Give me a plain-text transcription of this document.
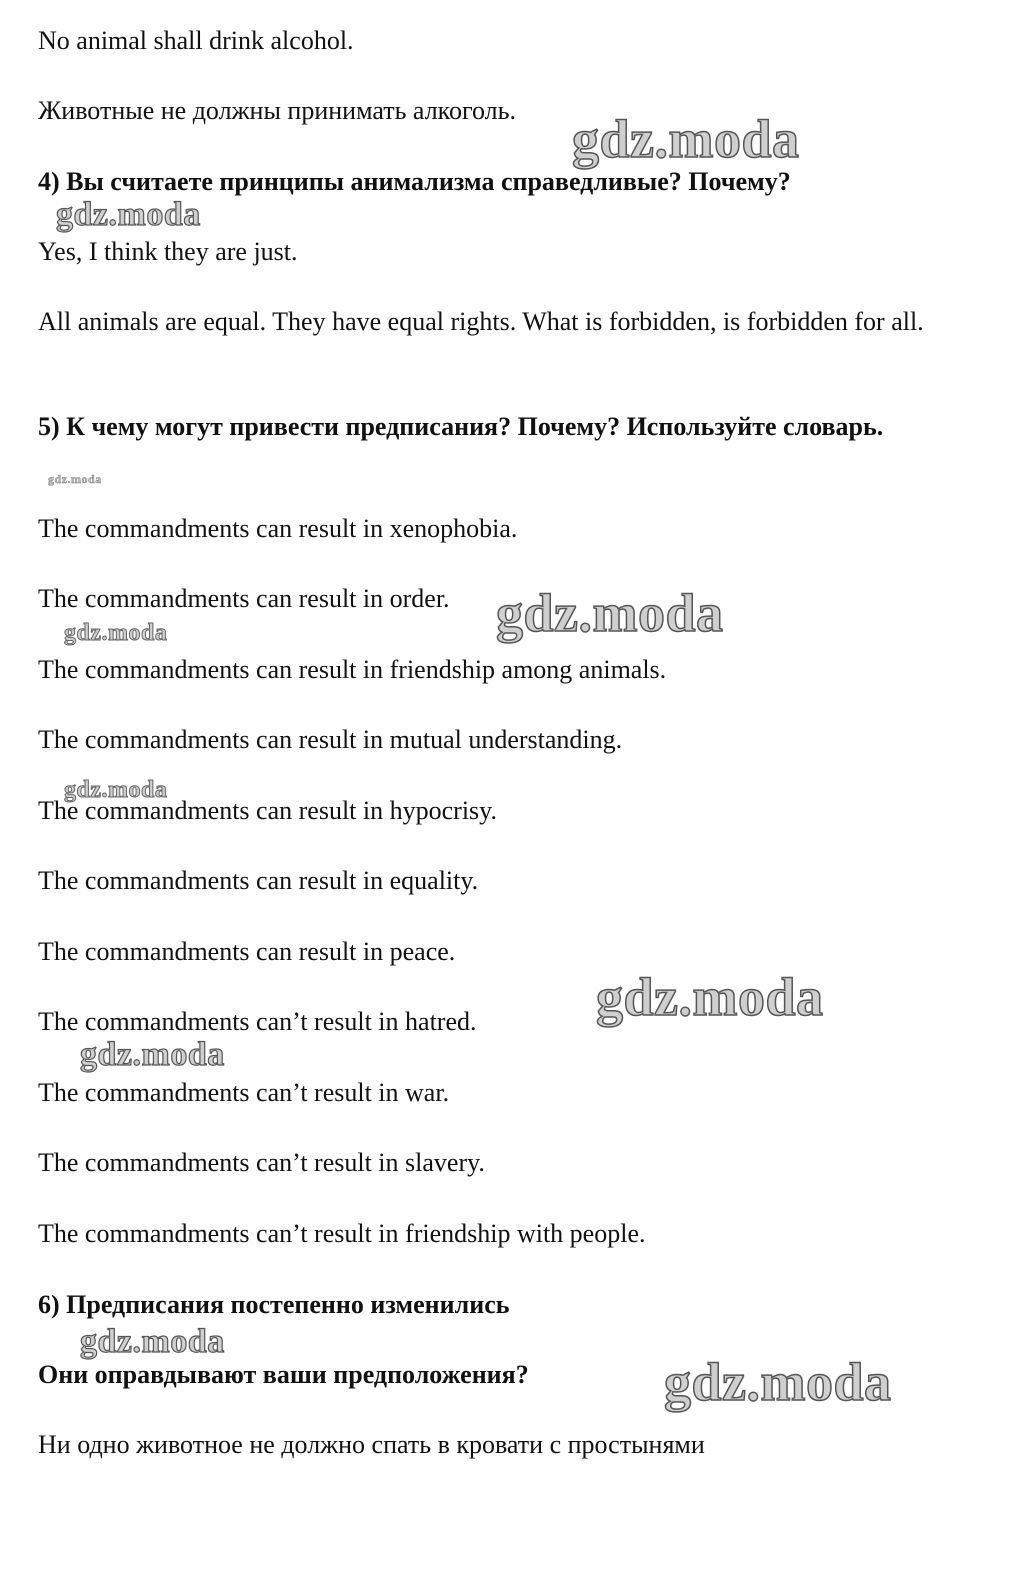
No animal shall drink alcohol.

Животные не должны принимать алкоголь.

4) Вы считаете принципы анимализма справедливые? Почему?

Yes, I think they are just.

All animals are equal. They have equal rights. What is forbidden, is forbidden for all.

5) К чему могут привести предписания? Почему? Используйте словарь.

The commandments can result in xenophobia.

The commandments can result in order.

The commandments can result in friendship among animals.

The commandments can result in mutual understanding.

The commandments can result in hypocrisy.

The commandments can result in equality.

The commandments can result in peace.

The commandments can’t result in hatred.

The commandments can’t result in war.

The commandments can’t result in slavery.

The commandments can’t result in friendship with people.

6) Предписания постепенно изменились

Они оправдывают ваши предположения?

Ни одно животное не должно спать в кровати с простынями

gdz.moda
gdz.moda
gdz.moda
gdz.moda
gdz.moda
gdz.moda
gdz.moda
gdz.moda
gdz.moda
gdz.moda
